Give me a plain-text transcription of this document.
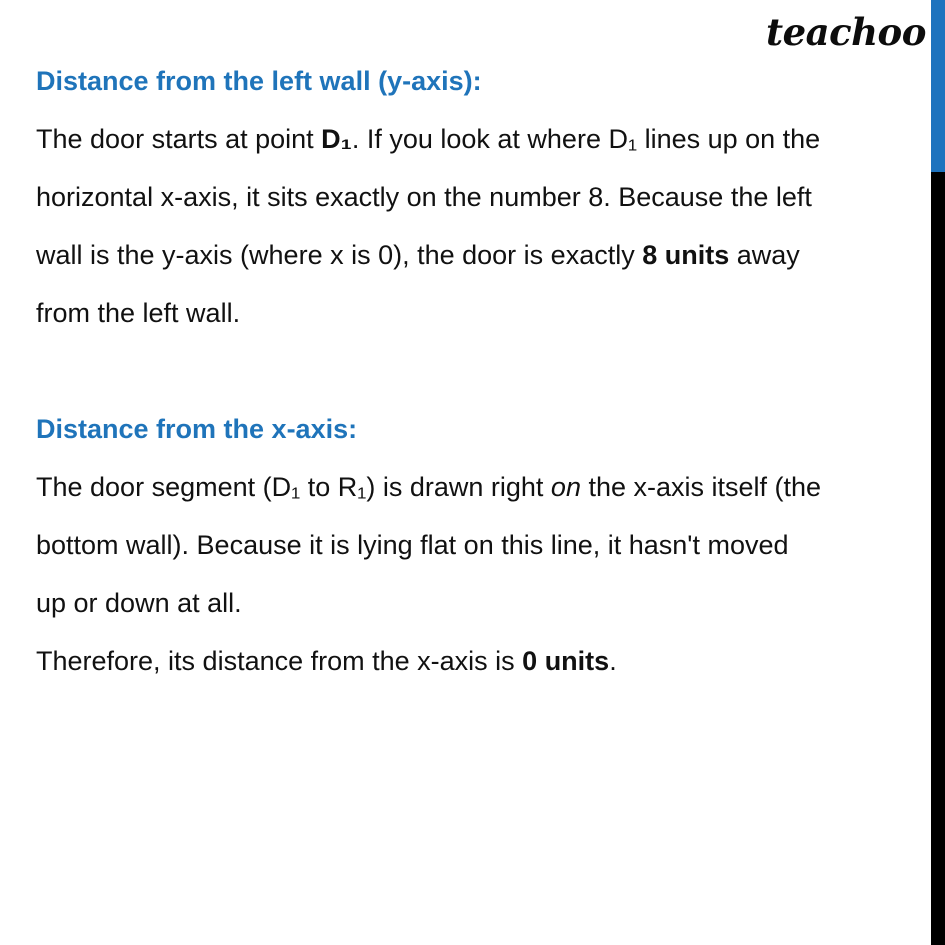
teachoo

Distance from the left wall (y-axis):

The door starts at point D₁. If you look at where D₁ lines up on the

horizontal x-axis, it sits exactly on the number 8. Because the left

wall is the y-axis (where x is 0), the door is exactly 8 units away

from the left wall.

Distance from the x-axis:

The door segment (D₁ to R₁) is drawn right on the x-axis itself (the

bottom wall). Because it is lying flat on this line, it hasn't moved

up or down at all.

Therefore, its distance from the x-axis is 0 units.
